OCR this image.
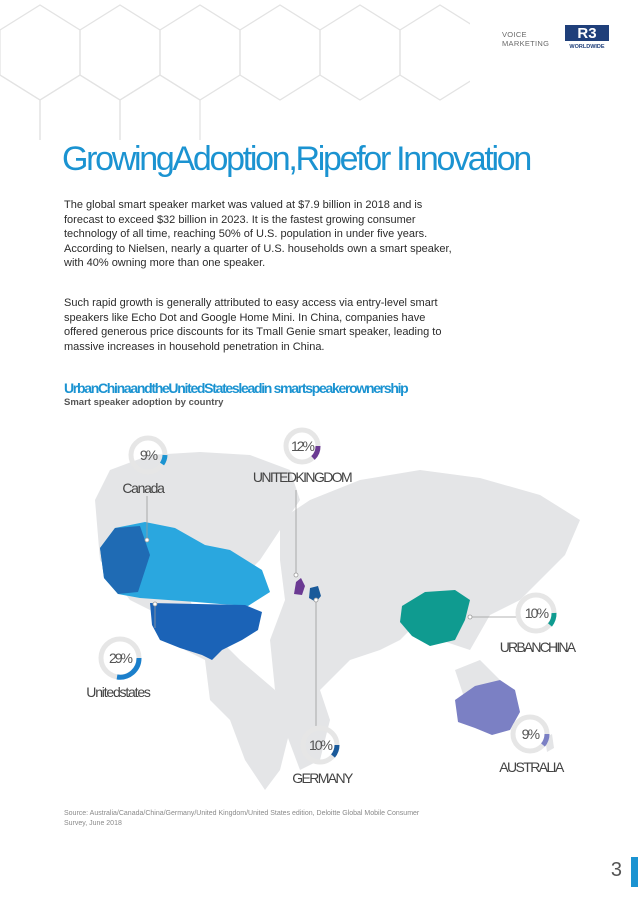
VOICE
MARKETING
R3
WORLDWIDE
GrowingAdoption,Ripefor Innovation

The global smart speaker market was valued at $7.9 billion in 2018 and is forecast to exceed $32 billion in 2023. It is the fastest growing consumer technology of all time, reaching 50% of U.S. population in under five years. According to Nielsen, nearly a quarter of U.S. households own a smart speaker, with 40% owning more than one speaker.

Such rapid growth is generally attributed to easy access via entry-level smart speakers like Echo Dot and Google Home Mini. In China, companies have offered generous price discounts for its Tmall Genie smart speaker, leading to massive increases in household penetration in China.

UrbanChinaandtheUnitedStatesleadin smartspeakerownership
Smart speaker adoption by country
9%
Canada
12%
UNITEDKINGDOM
29%
Unitedstates
10%
GERMANY
10%
URBANCHINA
9%
AUSTRALIA
Source: Australia/Canada/China/Germany/United Kingdom/United States edition, Deloitte Global Mobile Consumer Survey, June 2018
3
